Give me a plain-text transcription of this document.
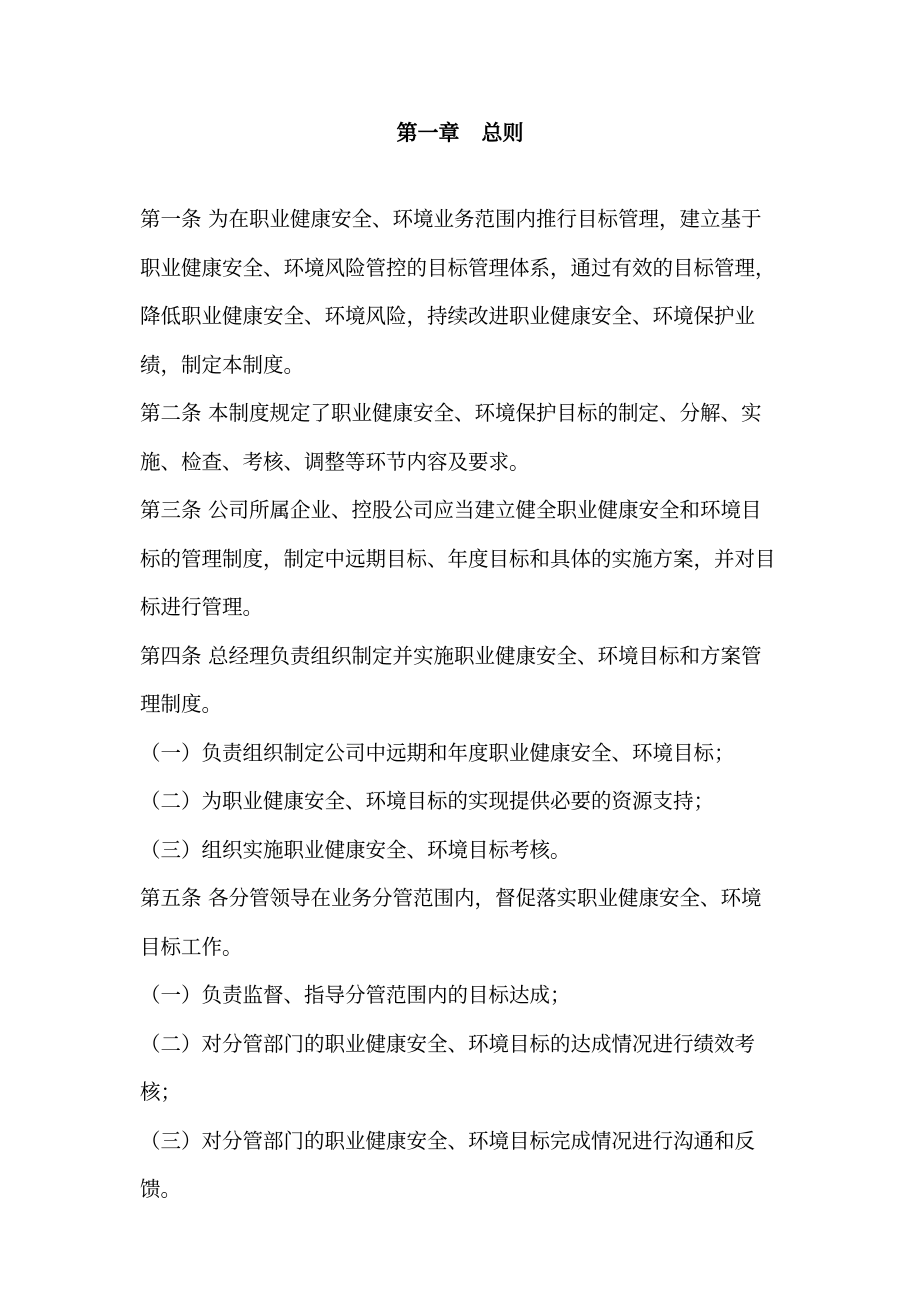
第一章   总则

第一条 为在职业健康安全、环境业务范围内推行目标管理，建立基于职业健康安全、环境风险管控的目标管理体系，通过有效的目标管理，降低职业健康安全、环境风险，持续改进职业健康安全、环境保护业绩，制定本制度。

第二条 本制度规定了职业健康安全、环境保护目标的制定、分解、实施、检查、考核、调整等环节内容及要求。

第三条 公司所属企业、控股公司应当建立健全职业健康安全和环境目标的管理制度，制定中远期目标、年度目标和具体的实施方案，并对目标进行管理。

第四条 总经理负责组织制定并实施职业健康安全、环境目标和方案管理制度。

（一）负责组织制定公司中远期和年度职业健康安全、环境目标；

（二）为职业健康安全、环境目标的实现提供必要的资源支持；

（三）组织实施职业健康安全、环境目标考核。

第五条 各分管领导在业务分管范围内，督促落实职业健康安全、环境目标工作。

（一）负责监督、指导分管范围内的目标达成；

（二）对分管部门的职业健康安全、环境目标的达成情况进行绩效考核；

（三）对分管部门的职业健康安全、环境目标完成情况进行沟通和反馈。
